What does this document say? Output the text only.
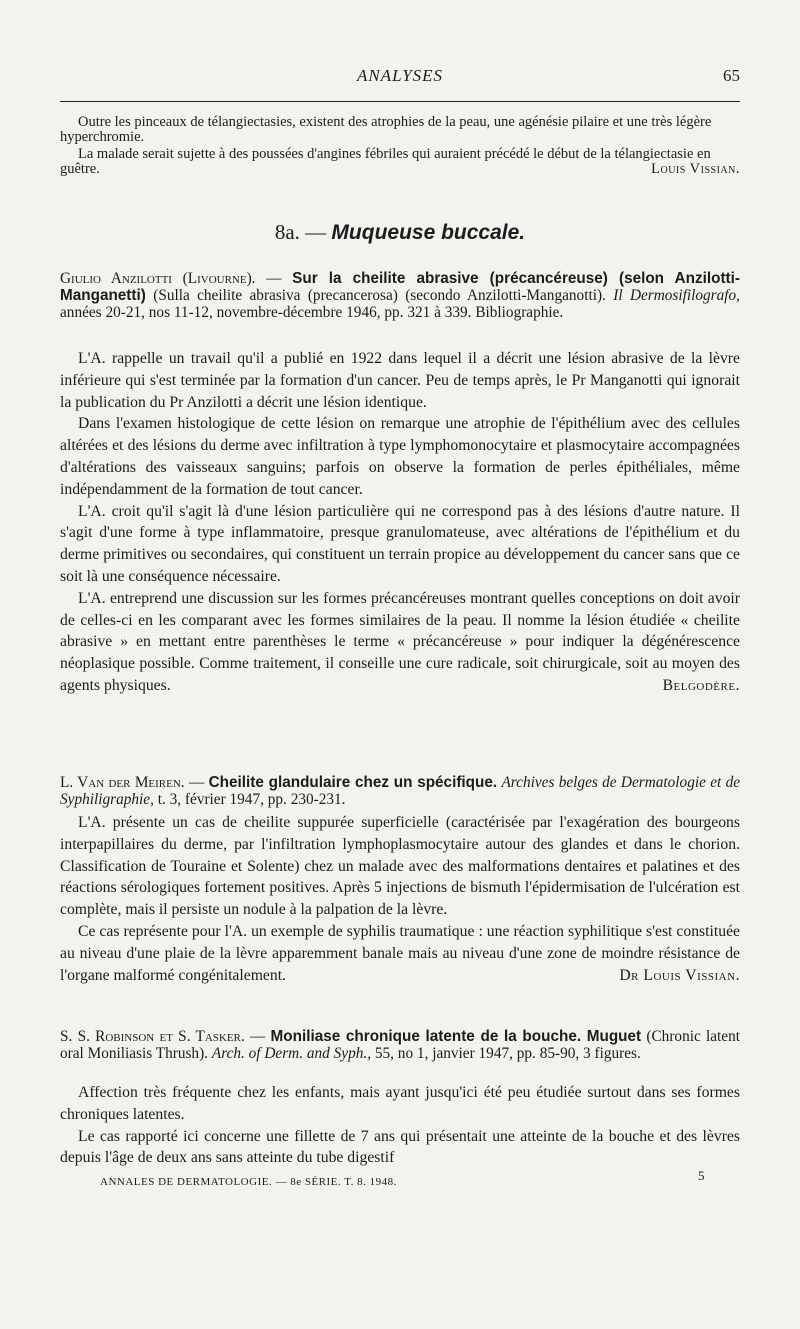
ANALYSES	65

Outre les pinceaux de télangiectasies, existent des atrophies de la peau, une agénésie pilaire et une très légère hyperchromie.

La malade serait sujette à des poussées d'angines fébriles qui auraient précédé le début de la télangiectasie en guêtre.	Louis Vissian.

8a. — Muqueuse buccale.
Giulio Anzilotti (Livourne). — Sur la cheilite abrasive (précancéreuse) (selon Anzilotti-Manganetti) (Sulla cheilite abrasiva (precancerosa) (secondo Anzilotti-Manganotti). Il Dermosifilografo, années 20-21, nos 11-12, novembre-décembre 1946, pp. 321 à 339. Bibliographie.

L'A. rappelle un travail qu'il a publié en 1922 dans lequel il a décrit une lésion abrasive de la lèvre inférieure qui s'est terminée par la formation d'un cancer. Peu de temps après, le Pr Manganotti qui ignorait la publication du Pr Anzilotti a décrit une lésion identique.

Dans l'examen histologique de cette lésion on remarque une atrophie de l'épithélium avec des cellules altérées et des lésions du derme avec infiltration à type lymphomonocytaire et plasmocytaire accompagnées d'altérations des vaisseaux sanguins; parfois on observe la formation de perles épithéliales, même indépendamment de la formation de tout cancer.

L'A. croit qu'il s'agit là d'une lésion particulière qui ne correspond pas à des lésions d'autre nature. Il s'agit d'une forme à type inflammatoire, presque granulomateuse, avec altérations de l'épithélium et du derme primitives ou secondaires, qui constituent un terrain propice au développement du cancer sans que ce soit là une conséquence nécessaire.

L'A. entreprend une discussion sur les formes précancéreuses montrant quelles conceptions on doit avoir de celles-ci en les comparant avec les formes similaires de la peau. Il nomme la lésion étudiée « cheilite abrasive » en mettant entre parenthèses le terme « précancéreuse » pour indiquer la dégénérescence néoplasique possible. Comme traitement, il conseille une cure radicale, soit chirurgicale, soit au moyen des agents physiques.	Belgodère.

L. Van der Meiren. — Cheilite glandulaire chez un spécifique. Archives belges de Dermatologie et de Syphiligraphie, t. 3, février 1947, pp. 230-231.

L'A. présente un cas de cheilite suppurée superficielle (caractérisée par l'exagération des bourgeons interpapillaires du derme, par l'infiltration lymphoplasmocytaire autour des glandes et dans le chorion. Classification de Touraine et Solente) chez un malade avec des malformations dentaires et palatines et des réactions sérologiques fortement positives. Après 5 injections de bismuth l'épidermisation de l'ulcération est complète, mais il persiste un nodule à la palpation de la lèvre.

Ce cas représente pour l'A. un exemple de syphilis traumatique : une réaction syphilitique s'est constituée au niveau d'une plaie de la lèvre apparemment banale mais au niveau d'une zone de moindre résistance de l'organe malformé congénitalement.	Dr Louis Vissian.

S. S. Robinson et S. Tasker. — Moniliase chronique latente de la bouche. Muguet (Chronic latent oral Moniliasis Thrush). Arch. of Derm. and Syph., 55, no 1, janvier 1947, pp. 85-90, 3 figures.

Affection très fréquente chez les enfants, mais ayant jusqu'ici été peu étudiée surtout dans ses formes chroniques latentes.

Le cas rapporté ici concerne une fillette de 7 ans qui présentait une atteinte de la bouche et des lèvres depuis l'âge de deux ans sans atteinte du tube digestif

ANNALES DE DERMATOLOGIE. — 8e SÉRIE. T. 8. 1948.	5
